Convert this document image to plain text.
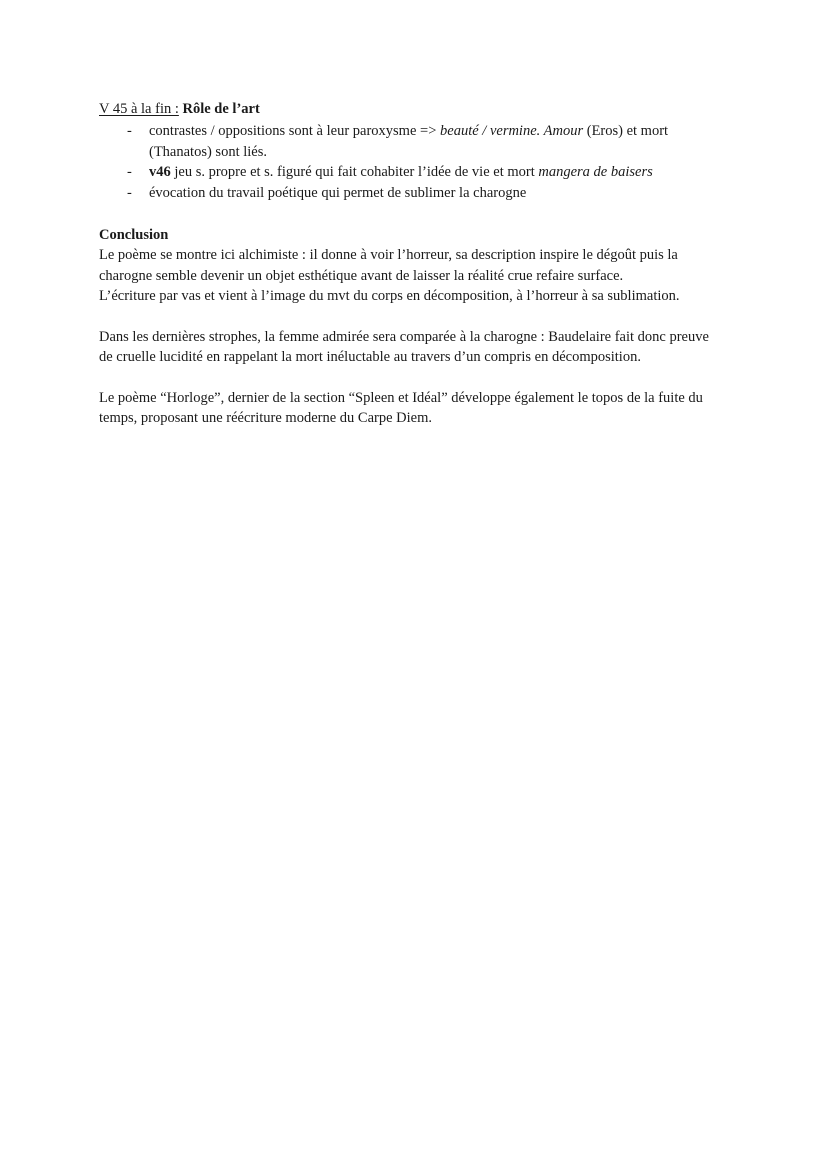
V 45 à la fin : Rôle de l’art
- contrastes / oppositions sont à leur paroxysme => beauté / vermine. Amour (Eros) et mort (Thanatos) sont liés.
- v46 jeu s. propre et s. figuré qui fait cohabiter l’idée de vie et mort mangera de baisers
- évocation du travail poétique qui permet de sublimer la charogne
Conclusion

Le poème se montre ici alchimiste : il donne à voir l’horreur, sa description inspire le dégoût puis la charogne semble devenir un objet esthétique avant de laisser la réalité crue refaire surface.

L’écriture par vas et vient à l’image du mvt du corps en décomposition, à l’horreur à sa sublimation.

Dans les dernières strophes, la femme admirée sera comparée à la charogne : Baudelaire fait donc preuve de cruelle lucidité en rappelant la mort inéluctable au travers d’un compris en décomposition.

Le poème “Horloge”, dernier de la section “Spleen et Idéal” développe également le topos de la fuite du temps, proposant une réécriture moderne du Carpe Diem.
